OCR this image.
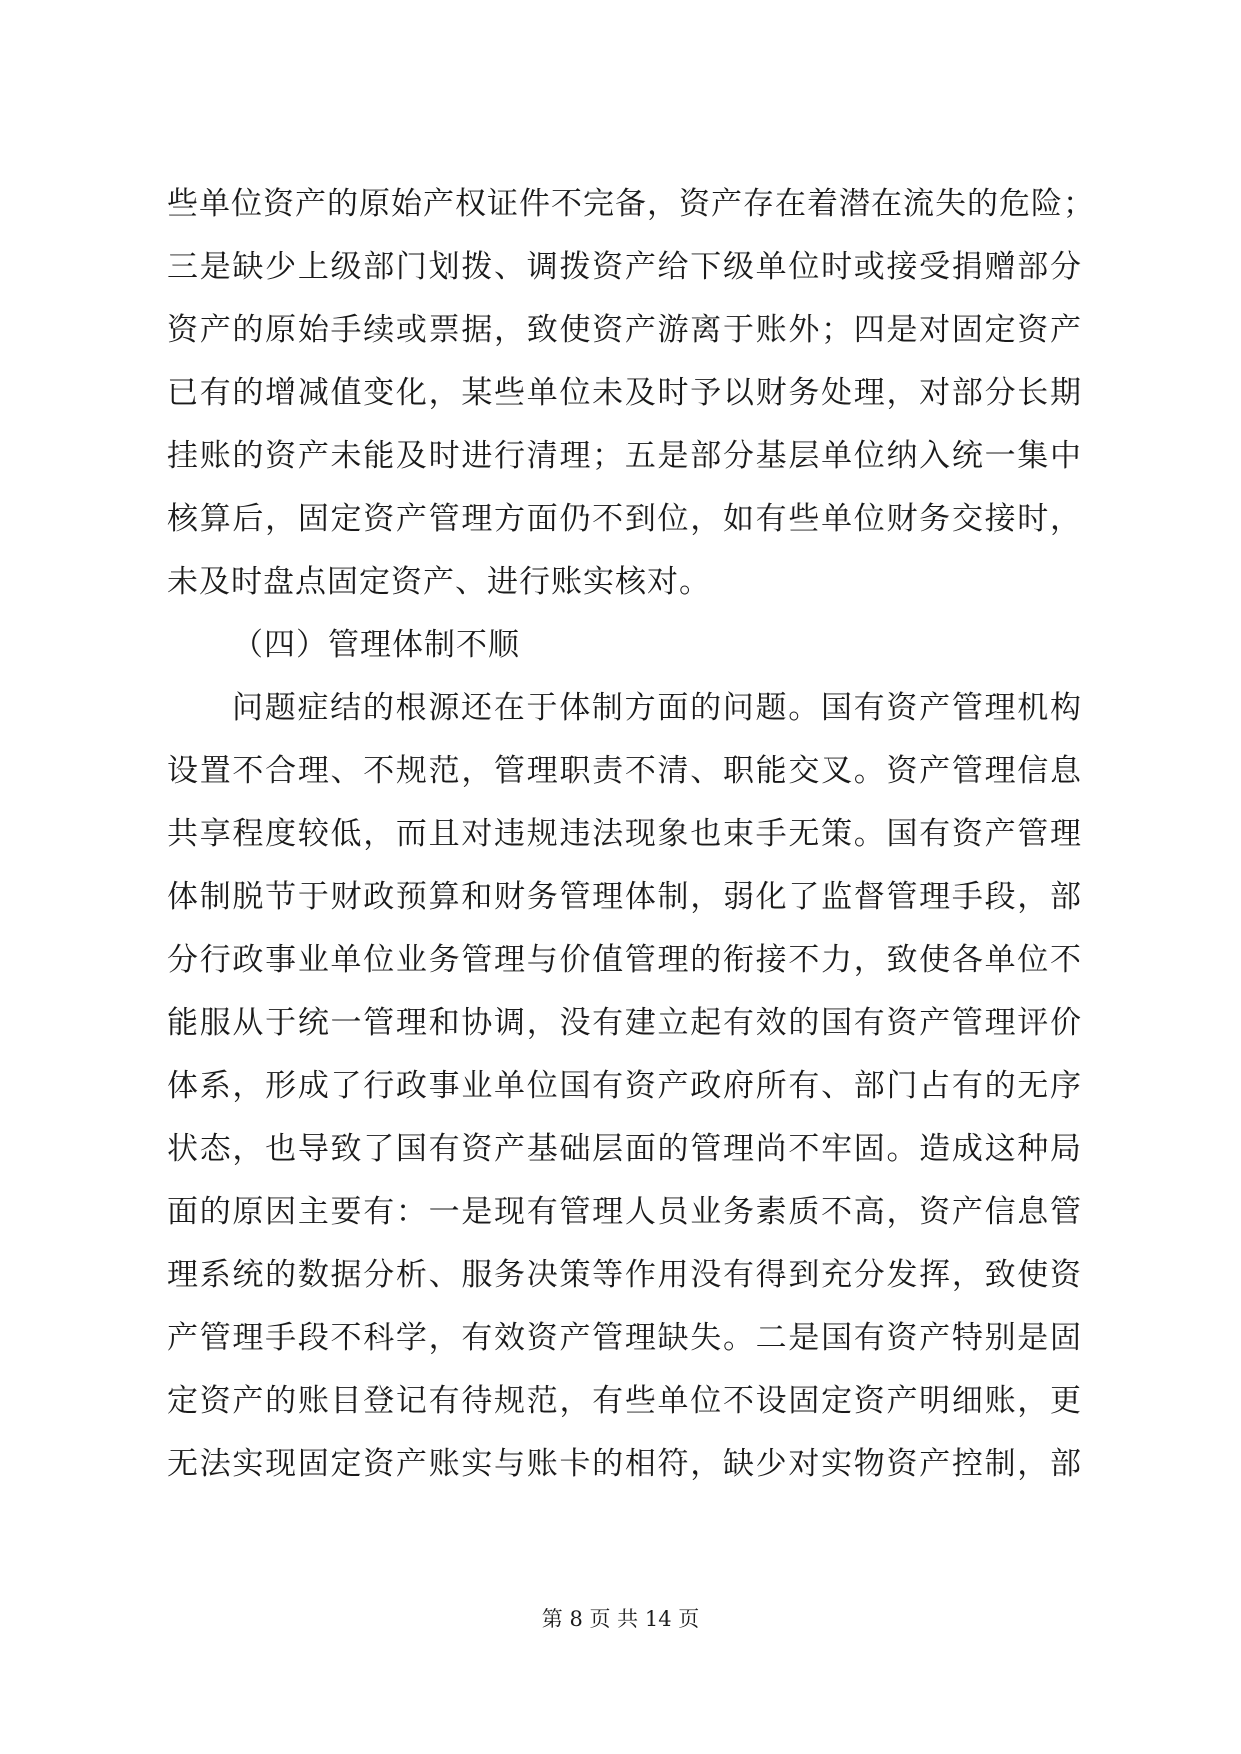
些单位资产的原始产权证件不完备，资产存在着潜在流失的危险；
三是缺少上级部门划拨、调拨资产给下级单位时或接受捐赠部分
资产的原始手续或票据，致使资产游离于账外；四是对固定资产
已有的增减值变化，某些单位未及时予以财务处理，对部分长期
挂账的资产未能及时进行清理；五是部分基层单位纳入统一集中
核算后，固定资产管理方面仍不到位，如有些单位财务交接时，
未及时盘点固定资产、进行账实核对。
（四）管理体制不顺
问题症结的根源还在于体制方面的问题。国有资产管理机构
设置不合理、不规范，管理职责不清、职能交叉。资产管理信息
共享程度较低，而且对违规违法现象也束手无策。国有资产管理
体制脱节于财政预算和财务管理体制，弱化了监督管理手段，部
分行政事业单位业务管理与价值管理的衔接不力，致使各单位不
能服从于统一管理和协调，没有建立起有效的国有资产管理评价
体系，形成了行政事业单位国有资产政府所有、部门占有的无序
状态，也导致了国有资产基础层面的管理尚不牢固。造成这种局
面的原因主要有：一是现有管理人员业务素质不高，资产信息管
理系统的数据分析、服务决策等作用没有得到充分发挥，致使资
产管理手段不科学，有效资产管理缺失。二是国有资产特别是固
定资产的账目登记有待规范，有些单位不设固定资产明细账，更
无法实现固定资产账实与账卡的相符，缺少对实物资产控制，部
第 8 页 共 14 页
